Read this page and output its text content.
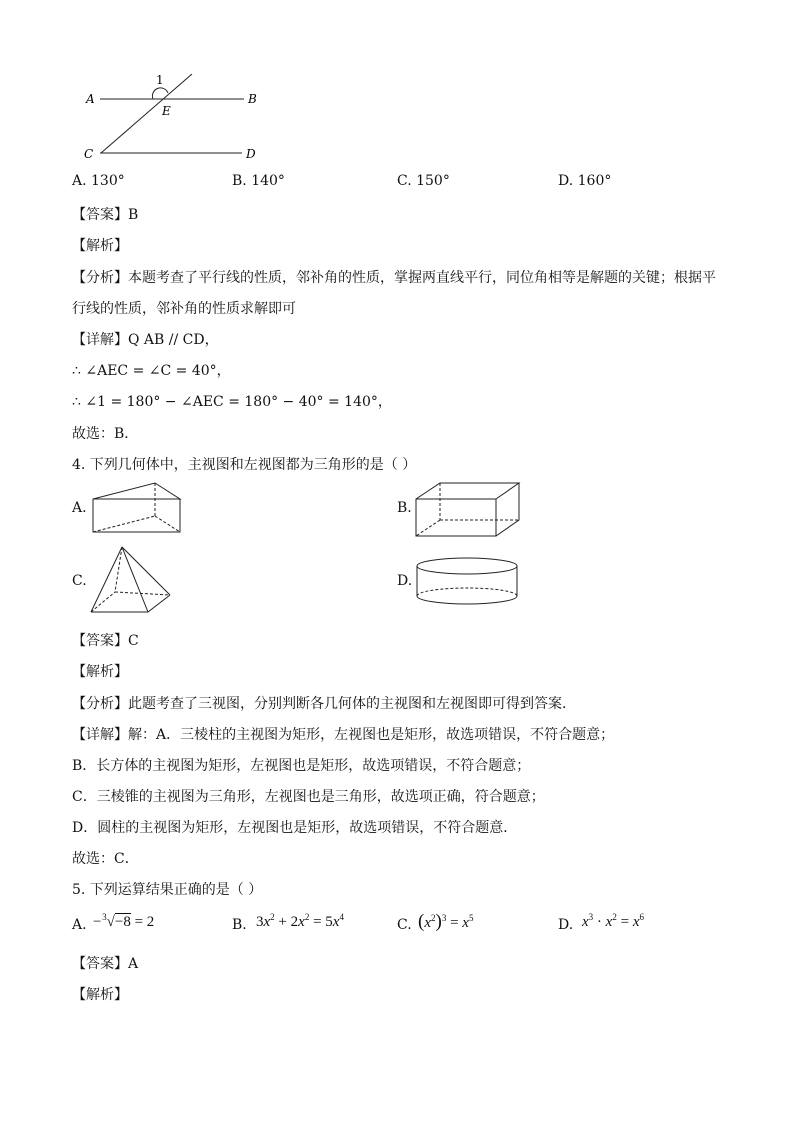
1
A	B
E
C	D
A. 130°	B. 140°	C. 150°	D. 160°
【答案】B
【解析】
【分析】本题考查了平行线的性质，邻补角的性质，掌握两直线平行，同位角相等是解题的关键；根据平
行线的性质，邻补角的性质求解即可
【详解】Q AB // CD，
∴ ∠AEC = ∠C = 40°，
∴ ∠1 = 180° − ∠AEC = 180° − 40° = 140°，
故选：B．
4. 下列几何体中，主视图和左视图都为三角形的是（ ）
A.	B.
C.	D.
【答案】C
【解析】
【分析】此题考查了三视图，分别判断各几何体的主视图和左视图即可得到答案．
【详解】解：A．三棱柱的主视图为矩形，左视图也是矩形，故选项错误，不符合题意；
B．长方体的主视图为矩形，左视图也是矩形，故选项错误，不符合题意；
C．三棱锥的主视图为三角形，左视图也是三角形，故选项正确，符合题意；
D．圆柱的主视图为矩形，左视图也是矩形，故选项错误，不符合题意．
故选：C．
5. 下列运算结果正确的是（ ）
A. −$^3$√−8 = 2	B. $3x^2 + 2x^2 = 5x^4$	C. $(x^2)^3 = x^5$	D. $x^3 \cdot x^2 = x^6$
【答案】A
【解析】
